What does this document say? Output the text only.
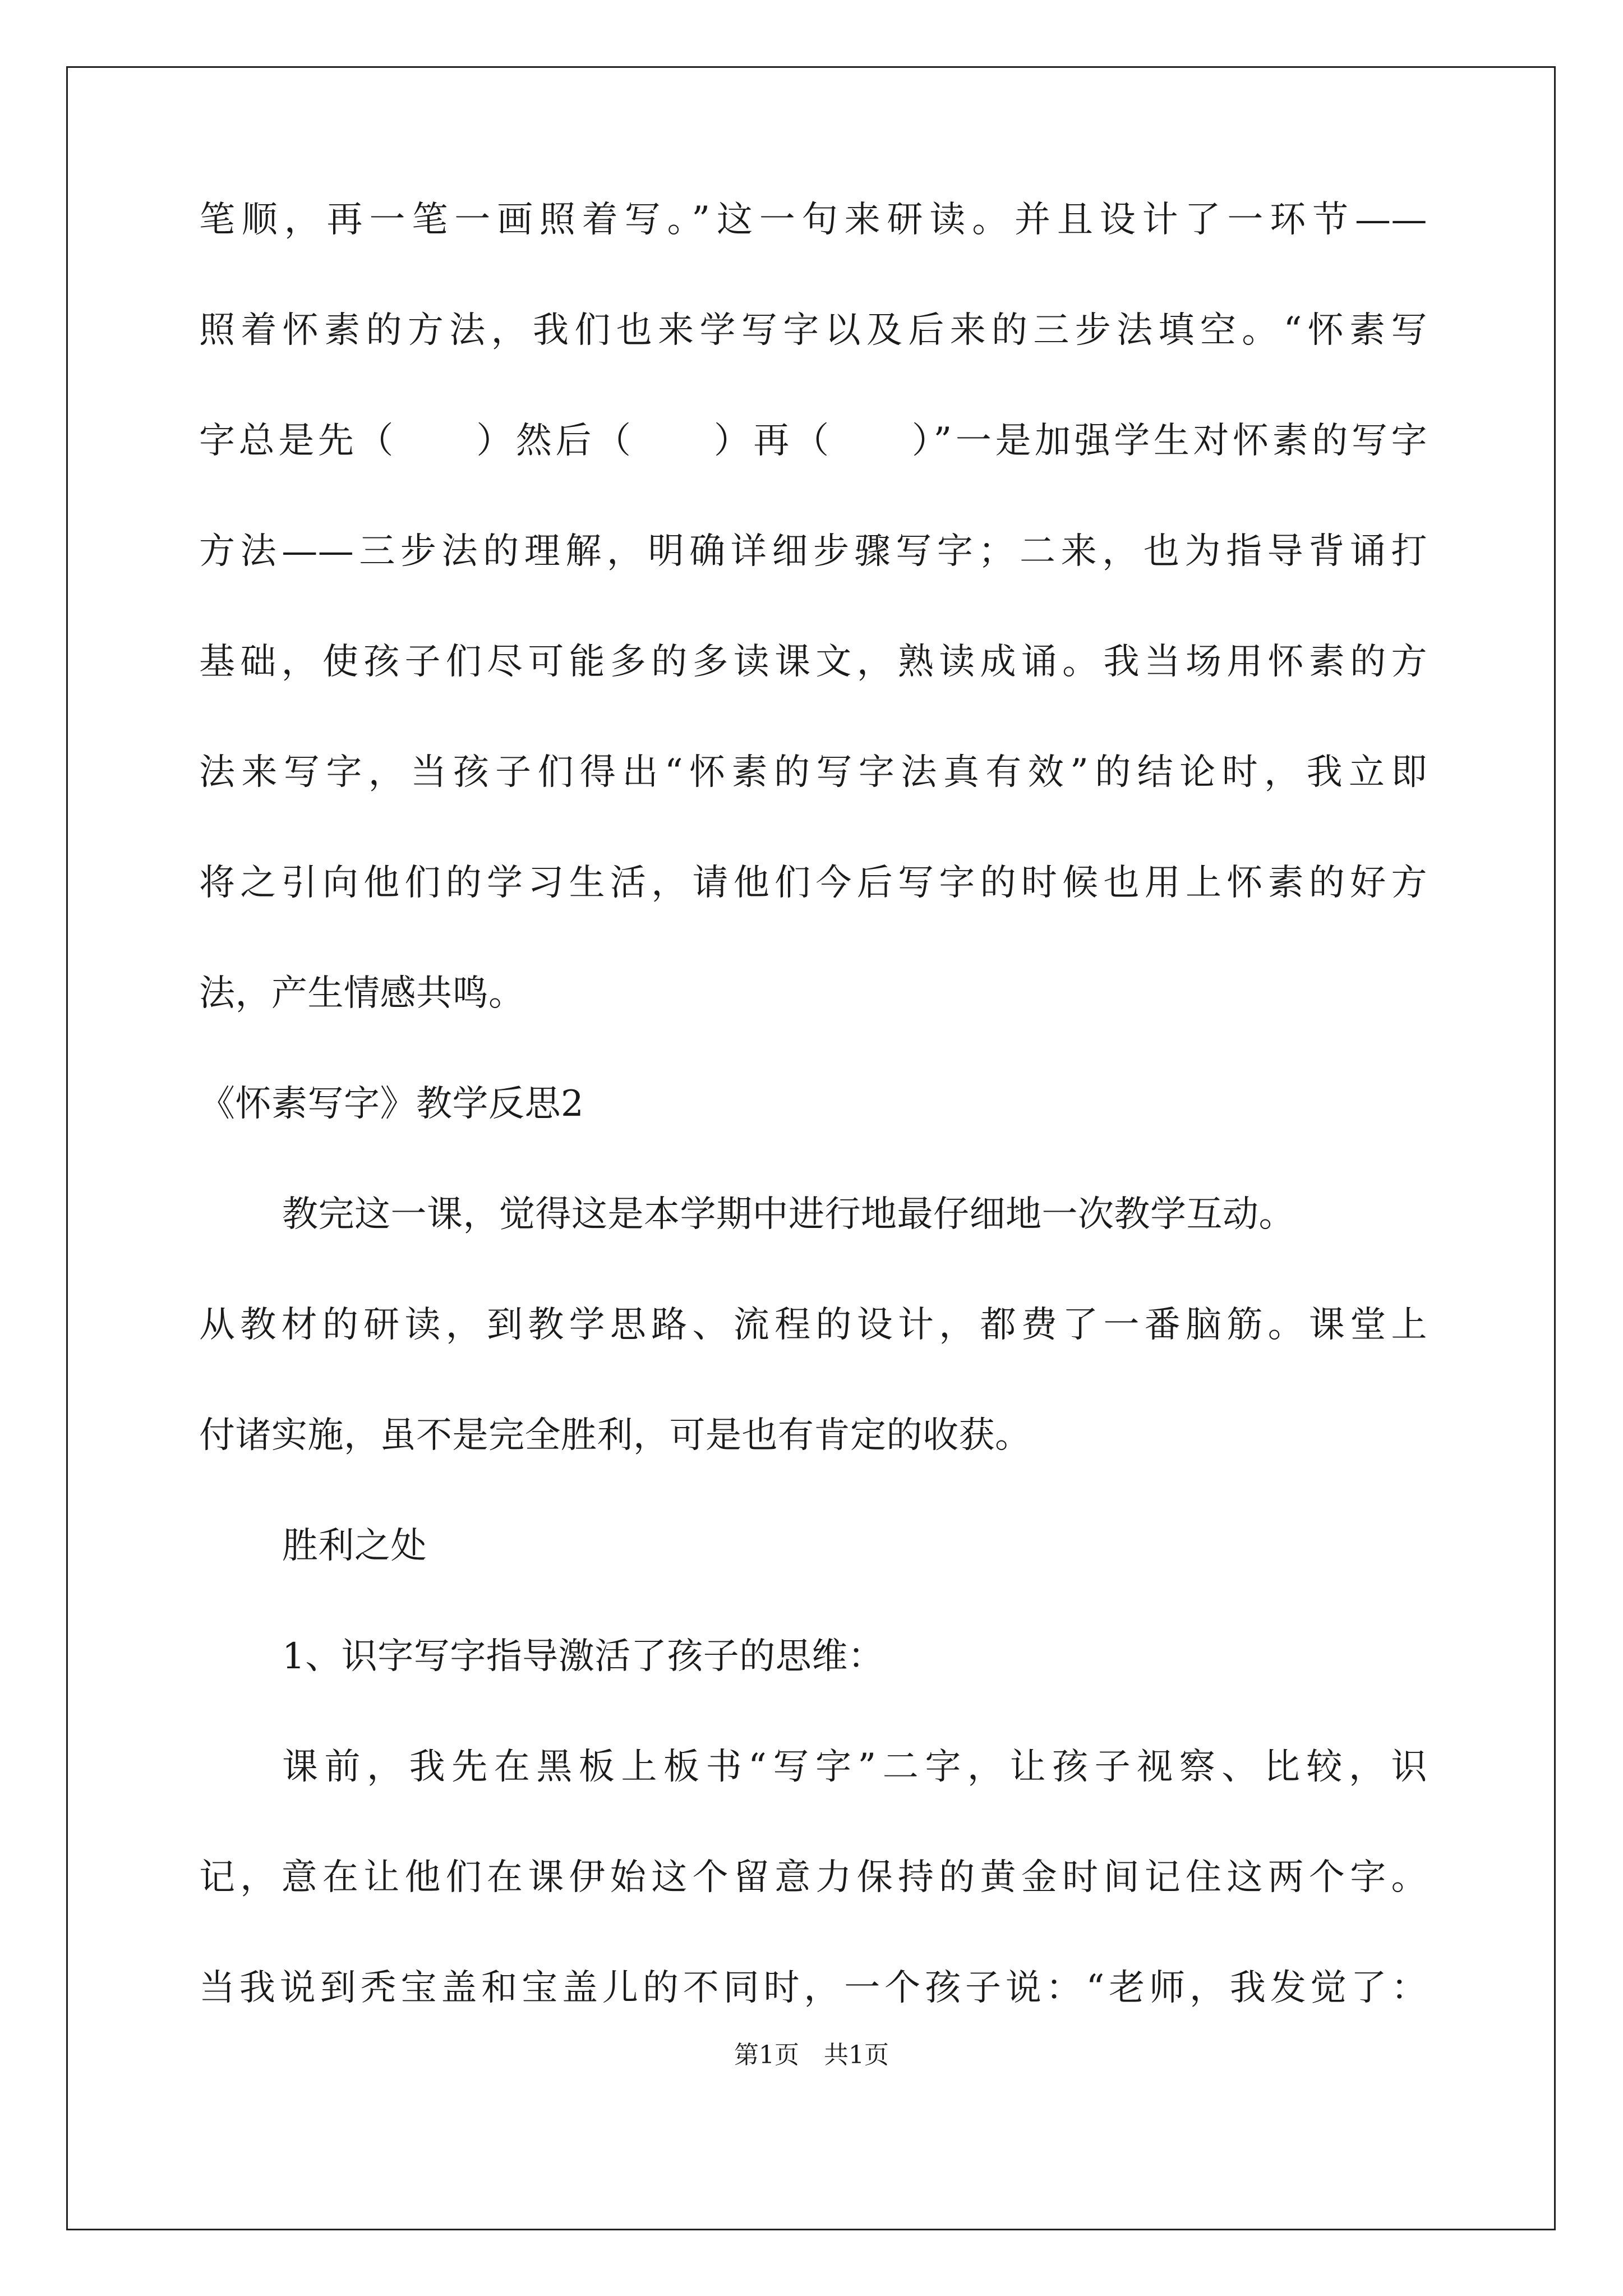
笔顺，再一笔一画照着写。”这一句来研读。并且设计了一环节——
照着怀素的方法，我们也来学写字以及后来的三步法填空。“怀素写
字总是先（　　）然后（　　）再（　　）”一是加强学生对怀素的写字
方法——三步法的理解，明确详细步骤写字；二来，也为指导背诵打
基础，使孩子们尽可能多的多读课文，熟读成诵。我当场用怀素的方
法来写字，当孩子们得出“怀素的写字法真有效”的结论时，我立即
将之引向他们的学习生活，请他们今后写字的时候也用上怀素的好方
法，产生情感共鸣。
《怀素写字》教学反思2
教完这一课，觉得这是本学期中进行地最仔细地一次教学互动。
从教材的研读，到教学思路、流程的设计，都费了一番脑筋。课堂上
付诸实施，虽不是完全胜利，可是也有肯定的收获。
胜利之处
1、识字写字指导激活了孩子的思维：
课前，我先在黑板上板书“写字”二字，让孩子视察、比较，识
记，意在让他们在课伊始这个留意力保持的黄金时间记住这两个字。
当我说到秃宝盖和宝盖儿的不同时，一个孩子说：“老师，我发觉了：
第1页　共1页
